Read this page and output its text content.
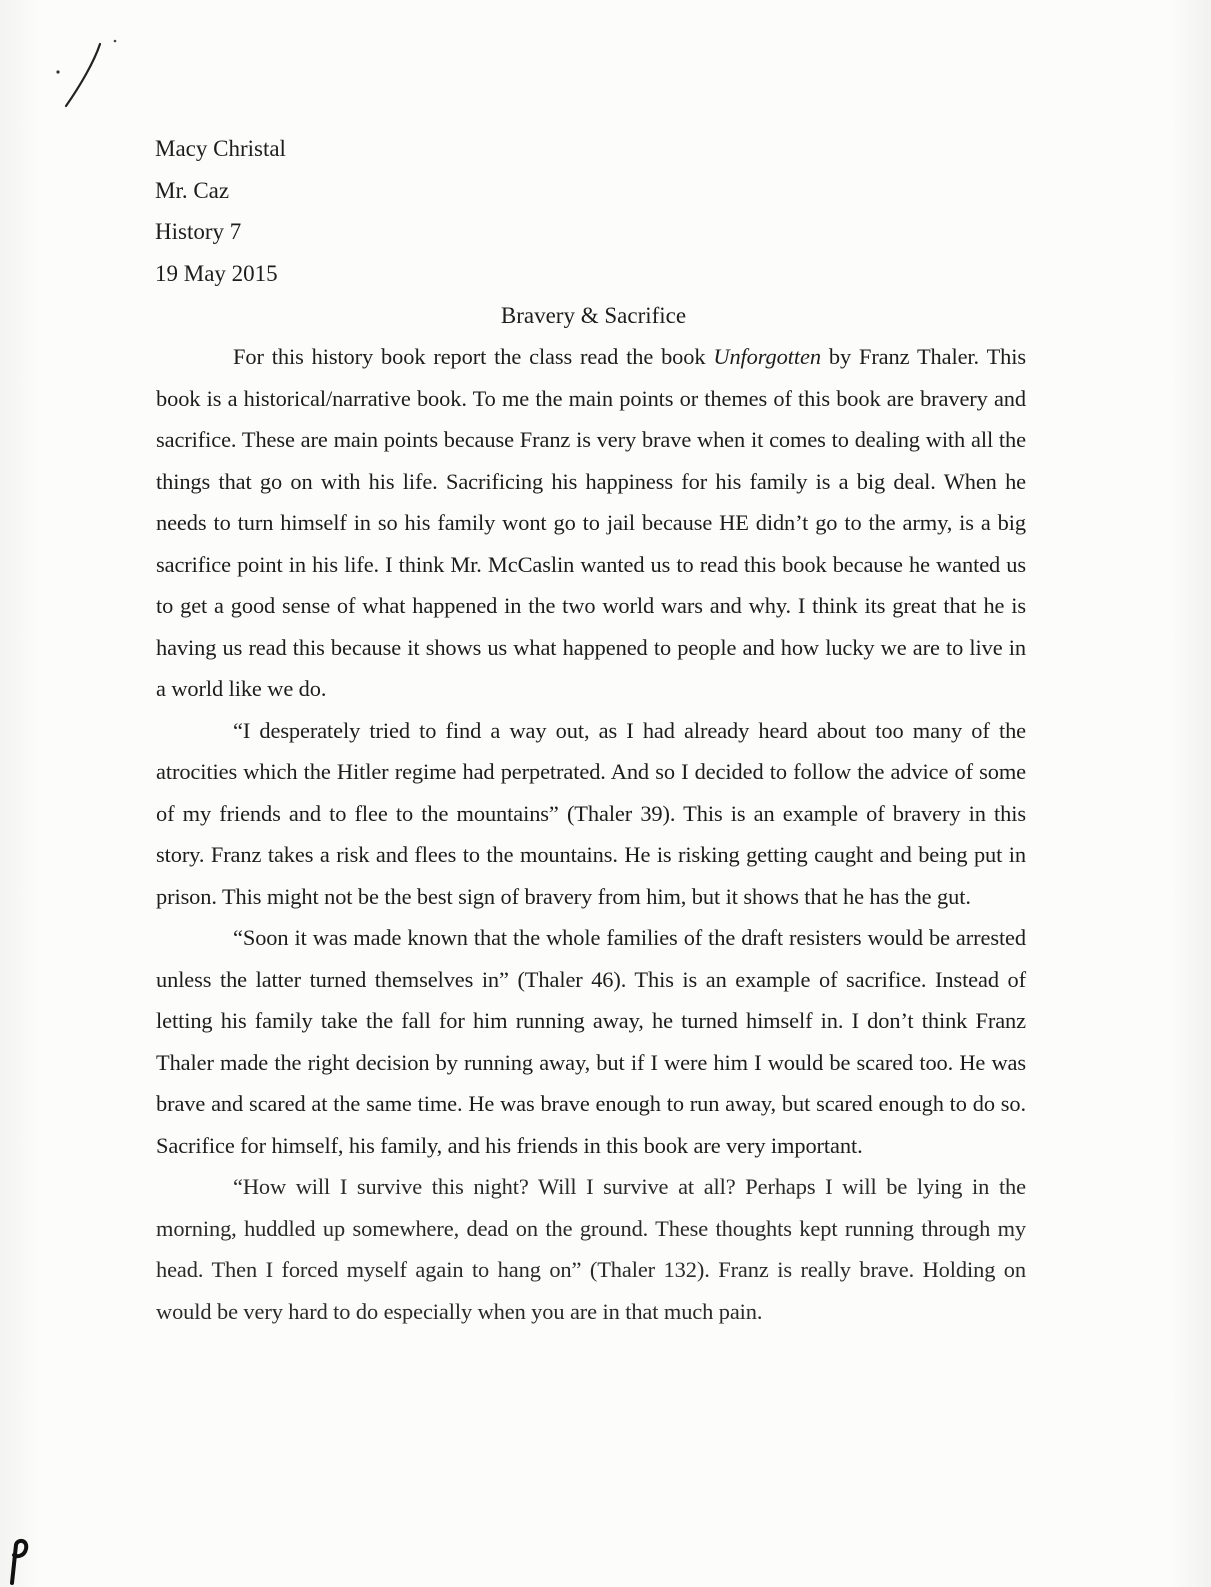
Macy Christal
Mr. Caz
History 7
19 May 2015
Bravery & Sacrifice

For this history book report the class read the book Unforgotten by Franz Thaler. This book is a historical/narrative book. To me the main points or themes of this book are bravery and sacrifice. These are main points because Franz is very brave when it comes to dealing with all the things that go on with his life. Sacrificing his happiness for his family is a big deal. When he needs to turn himself in so his family wont go to jail because HE didn’t go to the army, is a big sacrifice point in his life. I think Mr. McCaslin wanted us to read this book because he wanted us to get a good sense of what happened in the two world wars and why. I think its great that he is having us read this because it shows us what happened to people and how lucky we are to live in a world like we do.

“I desperately tried to find a way out, as I had already heard about too many of the atrocities which the Hitler regime had perpetrated. And so I decided to follow the advice of some of my friends and to flee to the mountains” (Thaler 39). This is an example of bravery in this story. Franz takes a risk and flees to the mountains. He is risking getting caught and being put in prison. This might not be the best sign of bravery from him, but it shows that he has the gut.

“Soon it was made known that the whole families of the draft resisters would be arrested unless the latter turned themselves in” (Thaler 46). This is an example of sacrifice. Instead of letting his family take the fall for him running away, he turned himself in. I don’t think Franz Thaler made the right decision by running away, but if I were him I would be scared too. He was brave and scared at the same time. He was brave enough to run away, but scared enough to do so. Sacrifice for himself, his family, and his friends in this book are very important.

“How will I survive this night? Will I survive at all? Perhaps I will be lying in the morning, huddled up somewhere, dead on the ground. These thoughts kept running through my head. Then I forced myself again to hang on” (Thaler 132). Franz is really brave. Holding on would be very hard to do especially when you are in that much pain.
